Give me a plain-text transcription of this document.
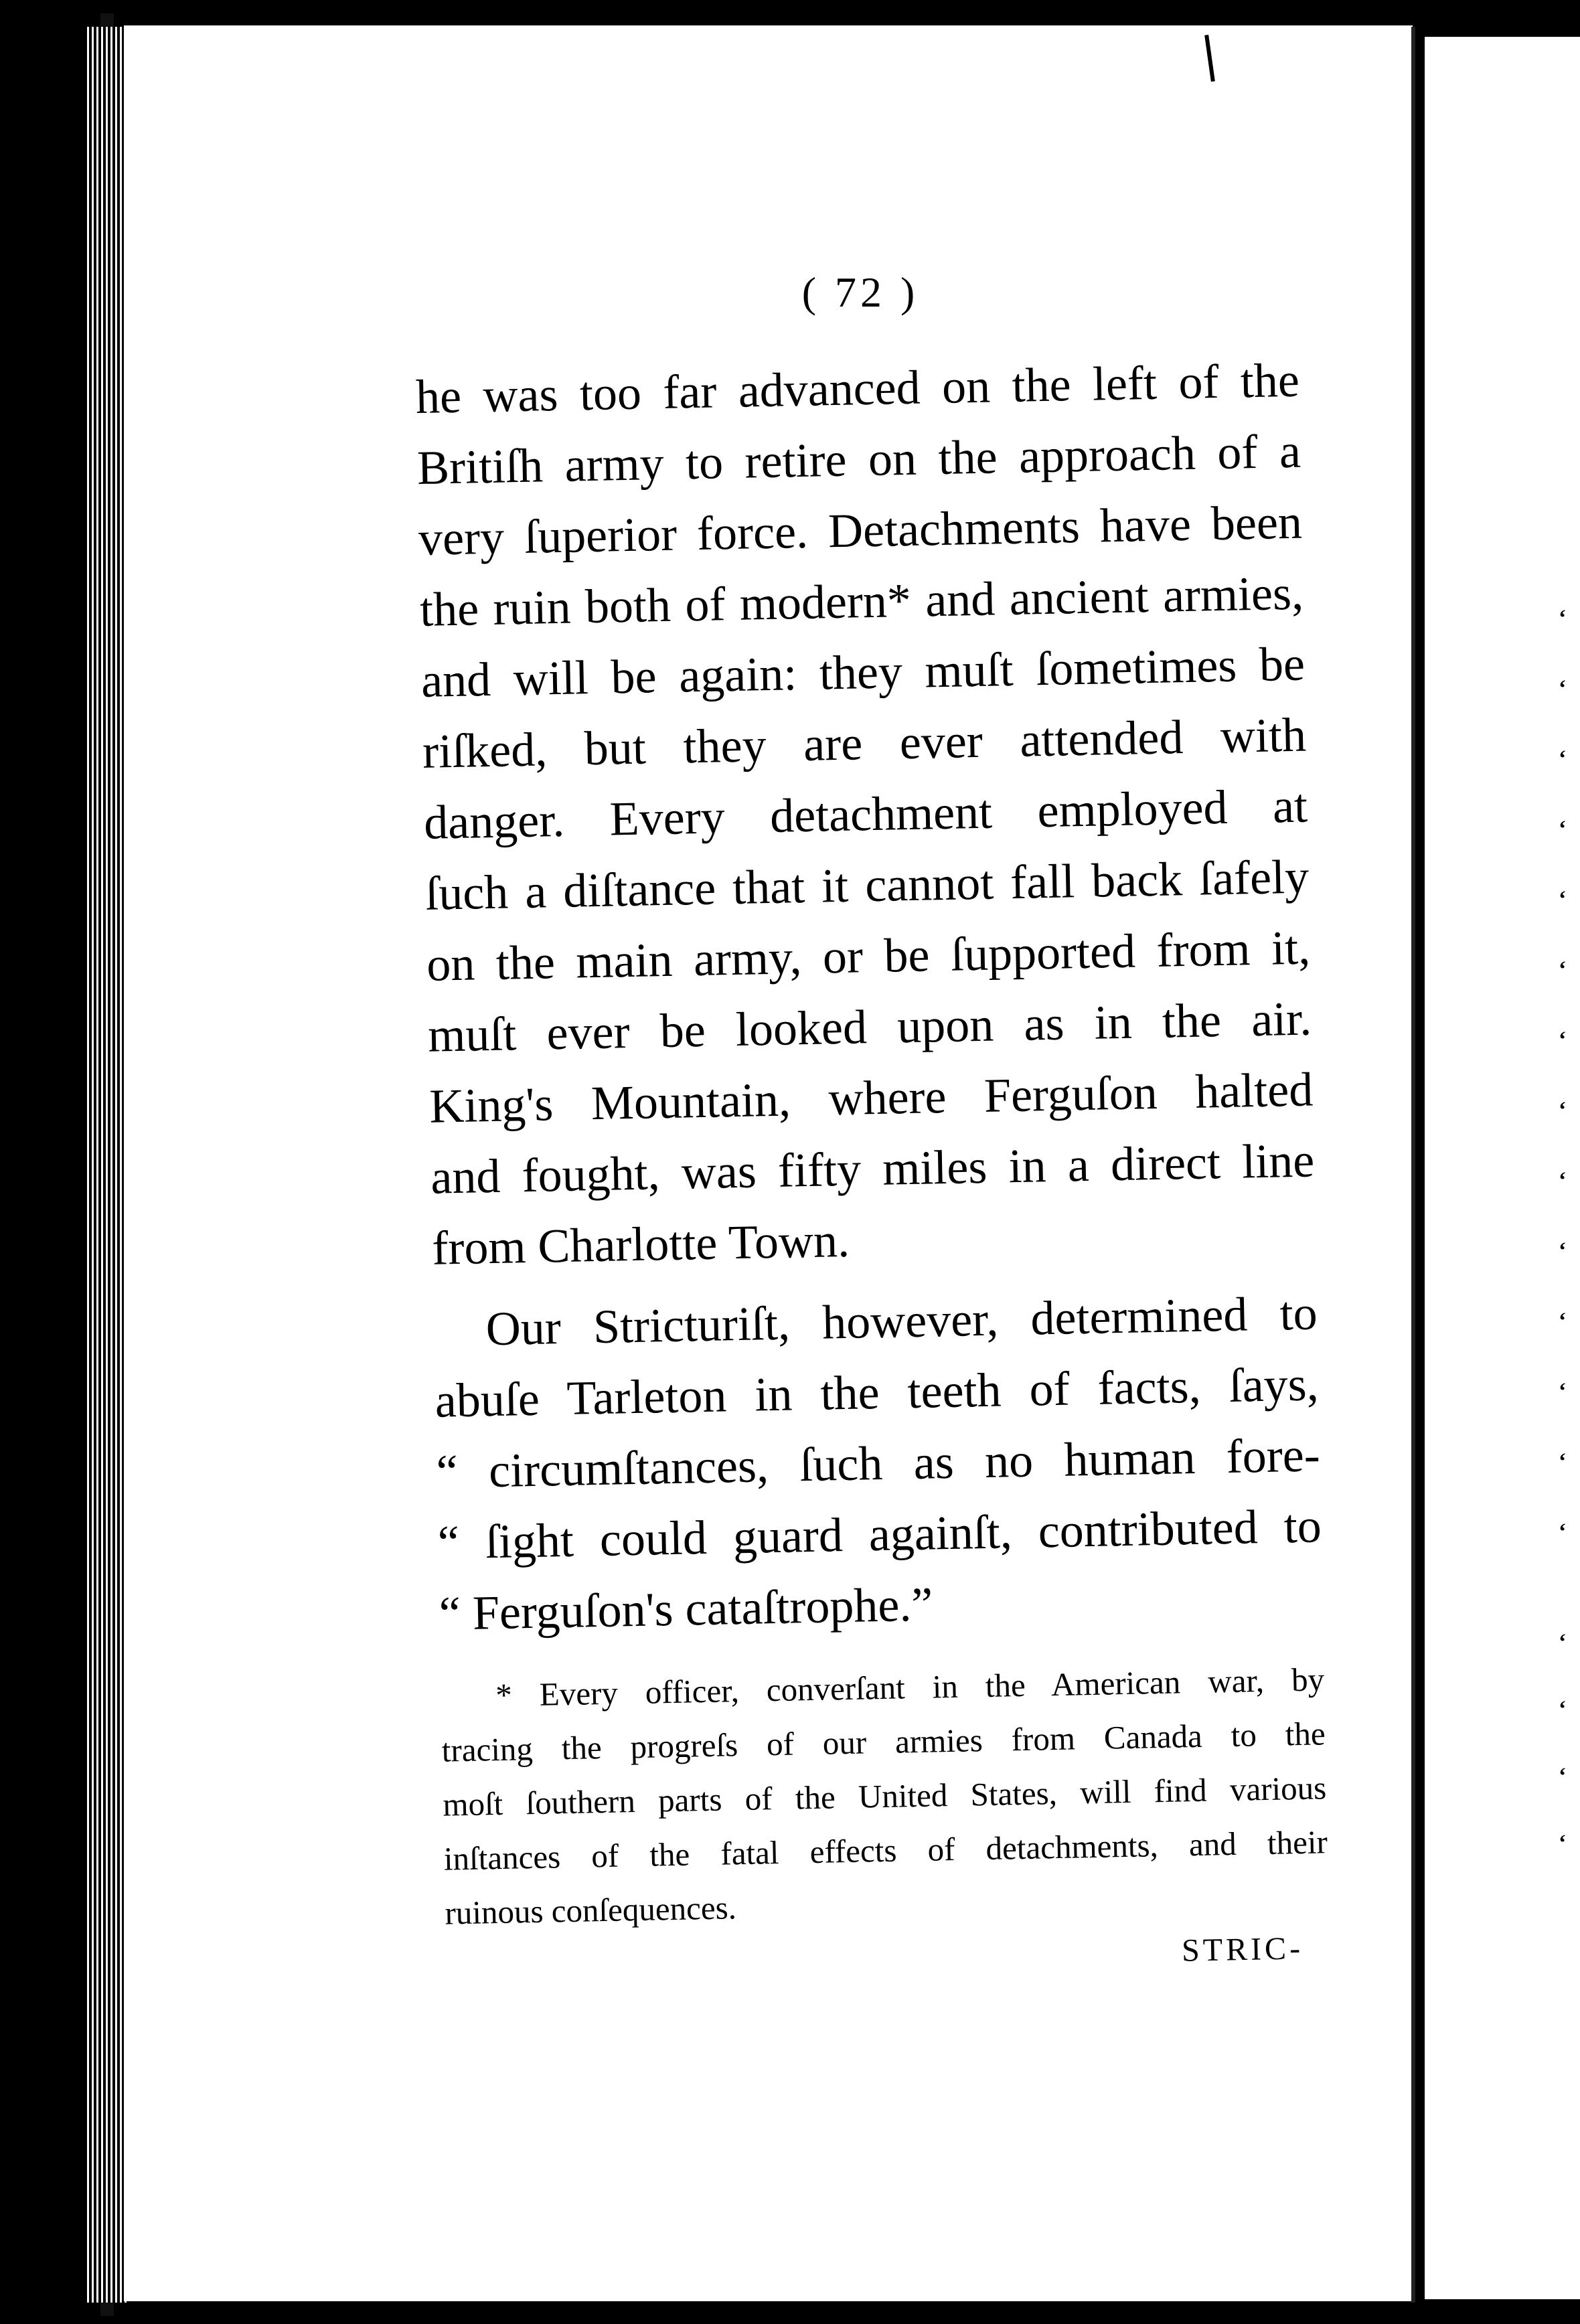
‘
‘
‘
‘
‘
‘
‘
‘
‘
‘
‘
‘
‘
‘
‘
‘
‘
‘
( 72 )
he was too far advanced on the left of the
Britiſh army to retire on the approach of a
very ſuperior force. Detachments have been
the ruin both of modern* and ancient armies,
and will be again: they muſt ſometimes be
riſked, but they are ever attended with
danger. Every detachment employed at
ſuch a diſtance that it cannot fall back ſafely
on the main army, or be ſupported from it,
muſt ever be looked upon as in the air.
King's Mountain, where Ferguſon halted
and fought, was fifty miles in a direct line
from Charlotte Town.
Our Stricturiſt, however, determined to
abuſe Tarleton in the teeth of facts, ſays,
“ circumſtances, ſuch as no human fore-
“ ſight could guard againſt, contributed to
“ Ferguſon's cataſtrophe.”
* Every officer, converſant in the American war, by
tracing the progreſs of our armies from Canada to the
moſt ſouthern parts of the United States, will find various
inſtances of the fatal effects of detachments, and their
ruinous conſequences.
STRIC-
